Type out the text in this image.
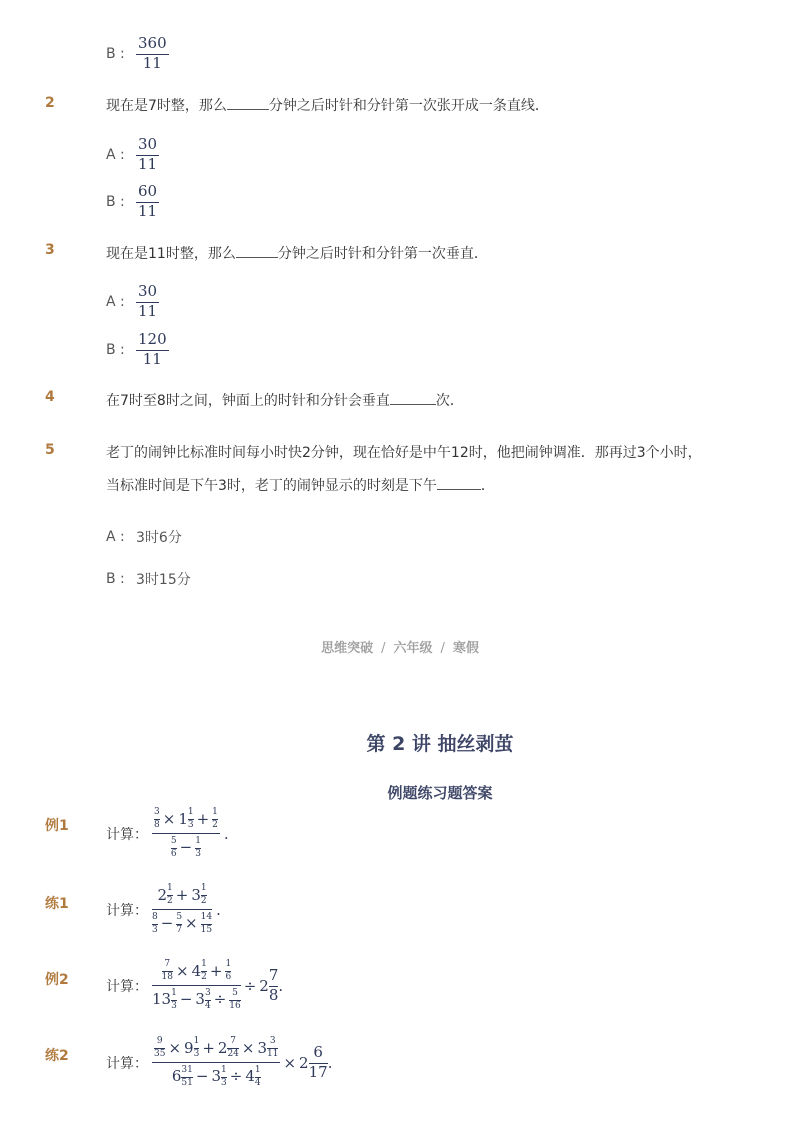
B : $\frac{360}{11}$
2	现在是7时整，那么	分钟之后时针和分针第一次张开成一条直线．
A : $\frac{30}{11}$
B : $\frac{60}{11}$
3	现在是11时整，那么	分钟之后时针和分针第一次垂直．
A : $\frac{30}{11}$
B : $\frac{120}{11}$
4	在7时至8时之间，钟面上的时针和分针会垂直	次．
5	老丁的闹钟比标准时间每小时快2分钟，现在恰好是中午12时，他把闹钟调准．那再过3个小时，
当标准时间是下午3时，老丁的闹钟显示的时刻是下午	．
A : 3时6分
B : 3时15分
思维突破 / 六年级 / 寒假
第 2 讲 抽丝剥茧
例题练习题答案
例1
计算： $\frac{\frac{3}{8} \times 1 \frac{1}{3} + \frac{1}{2}}{\frac{5}{6} - \frac{1}{3}}$ .
练1	计算： $\frac{2 \frac{1}{2} + 3 \frac{1}{2}}{\frac{8}{3} - \frac{5}{7} \times \frac{14}{15}}$ .
例2	计算： $\frac{\frac{7}{18} \times 4 \frac{1}{2} + \frac{1}{6}}{13 \frac{1}{3} - 3 \frac{3}{4} \div \frac{5}{16}} \div 2 \frac{7}{8}$ .
练2	计算： $\frac{\frac{9}{35} \times 9 \frac{1}{3} + 2 \frac{7}{24} \times 3 \frac{3}{11}}{6 \frac{31}{51} - 3 \frac{1}{3} \div 4 \frac{1}{4}} \times 2 \frac{6}{17}$ .
